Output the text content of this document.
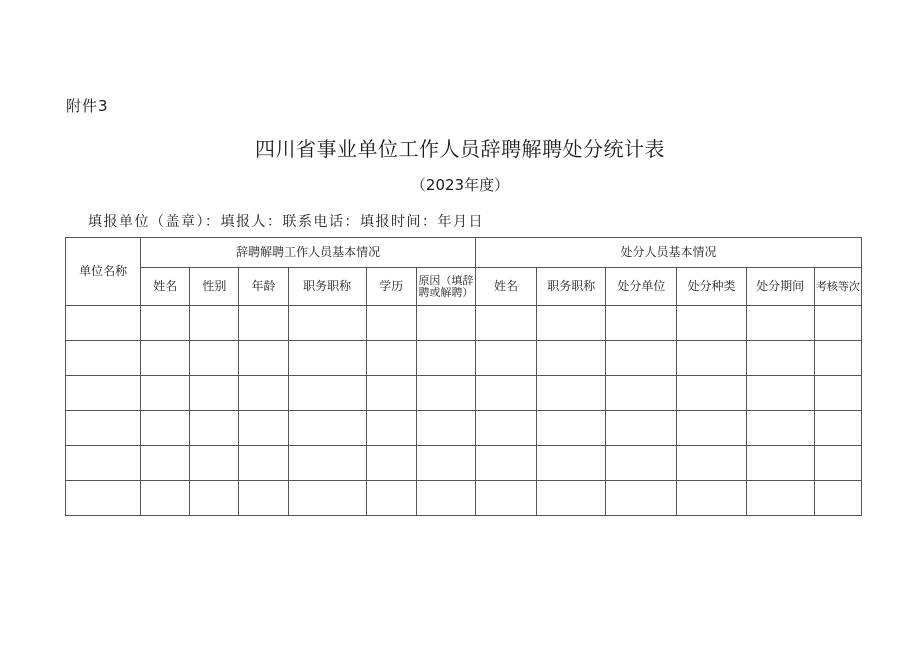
附件3
四川省事业单位工作人员辞聘解聘处分统计表
（2023年度）
填报单位（盖章）：填报人：联系电话：填报时间：年月日
单位名称	辞聘解聘工作人员基本情况						处分人员基本情况					
	姓名	性别	年龄	职务职称	学历	原因（填辞聘或解聘）	姓名	职务职称	处分单位	处分种类	处分期间	考核等次
